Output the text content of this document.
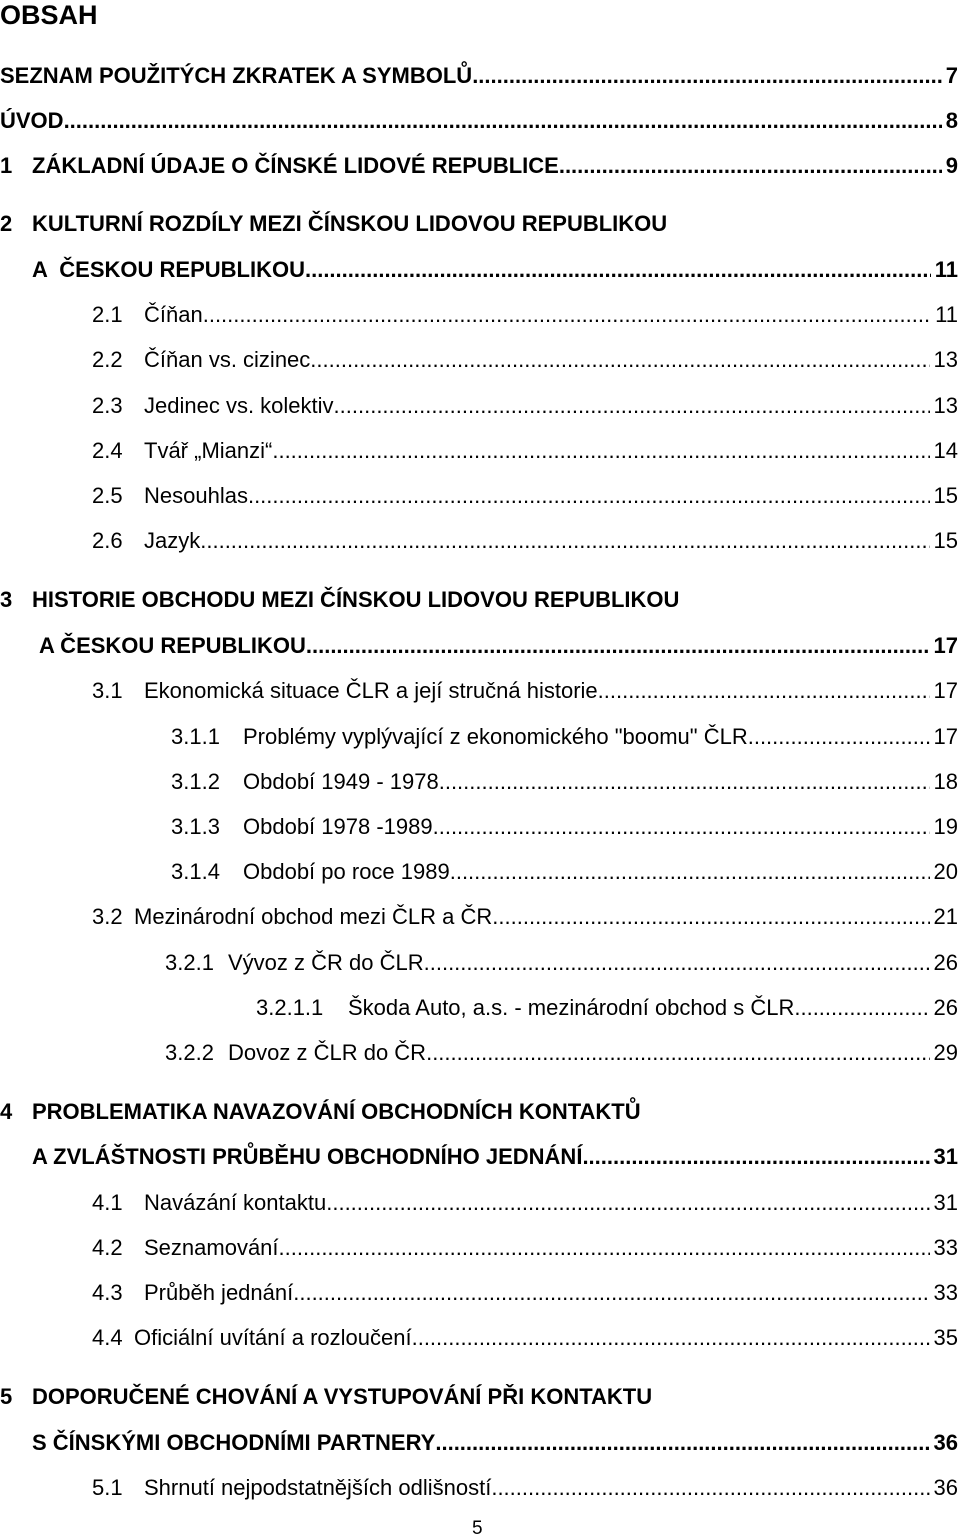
OBSAH
SEZNAM POUŽITÝCH ZKRATEK A SYMBOLŮ .....	7
ÚVOD .....	8
1 ZÁKLADNÍ ÚDAJE O ČÍNSKÉ LIDOVÉ REPUBLICE .....	9
2 KULTURNÍ ROZDÍLY MEZI ČÍNSKOU LIDOVOU REPUBLIKOU
A  ČESKOU REPUBLIKOU .....	11
2.1 Číňan .....	11
2.2 Číňan vs. cizinec .....	13
2.3 Jedinec vs. kolektiv .....	13
2.4 Tvář „Mianzi“ .....	14
2.5 Nesouhlas .....	15
2.6 Jazyk .....	15
3 HISTORIE OBCHODU MEZI ČÍNSKOU LIDOVOU REPUBLIKOU
A ČESKOU REPUBLIKOU .....	17
3.1 Ekonomická situace ČLR a její stručná historie .....	17
3.1.1	Problémy vyplývající z ekonomického "boomu" ČLR .....	17
3.1.2	Období 1949 - 1978 .....	18
3.1.3	Období 1978 -1989 .....	19
3.1.4	Období po roce 1989 .....	20
3.2 Mezinárodní obchod mezi ČLR a ČR .....	21
3.2.1 Vývoz z ČR do ČLR .....	26
3.2.1.1	Škoda Auto, a.s. - mezinárodní obchod s ČLR .....	26
3.2.2 Dovoz z ČLR do ČR .....	29
4 PROBLEMATIKA NAVAZOVÁNÍ OBCHODNÍCH KONTAKTŮ
A ZVLÁŠTNOSTI PRŮBĚHU OBCHODNÍHO JEDNÁNÍ .....	31
4.1 Navázání kontaktu .....	31
4.2 Seznamování .....	33
4.3 Průběh jednání .....	33
4.4 Oficiální uvítání a rozloučení .....	35
5 DOPORUČENÉ CHOVÁNÍ A VYSTUPOVÁNÍ PŘI KONTAKTU
S ČÍNSKÝMI OBCHODNÍMI PARTNERY .....	36
5.1 Shrnutí nejpodstatnějších odlišností .....	36
5
